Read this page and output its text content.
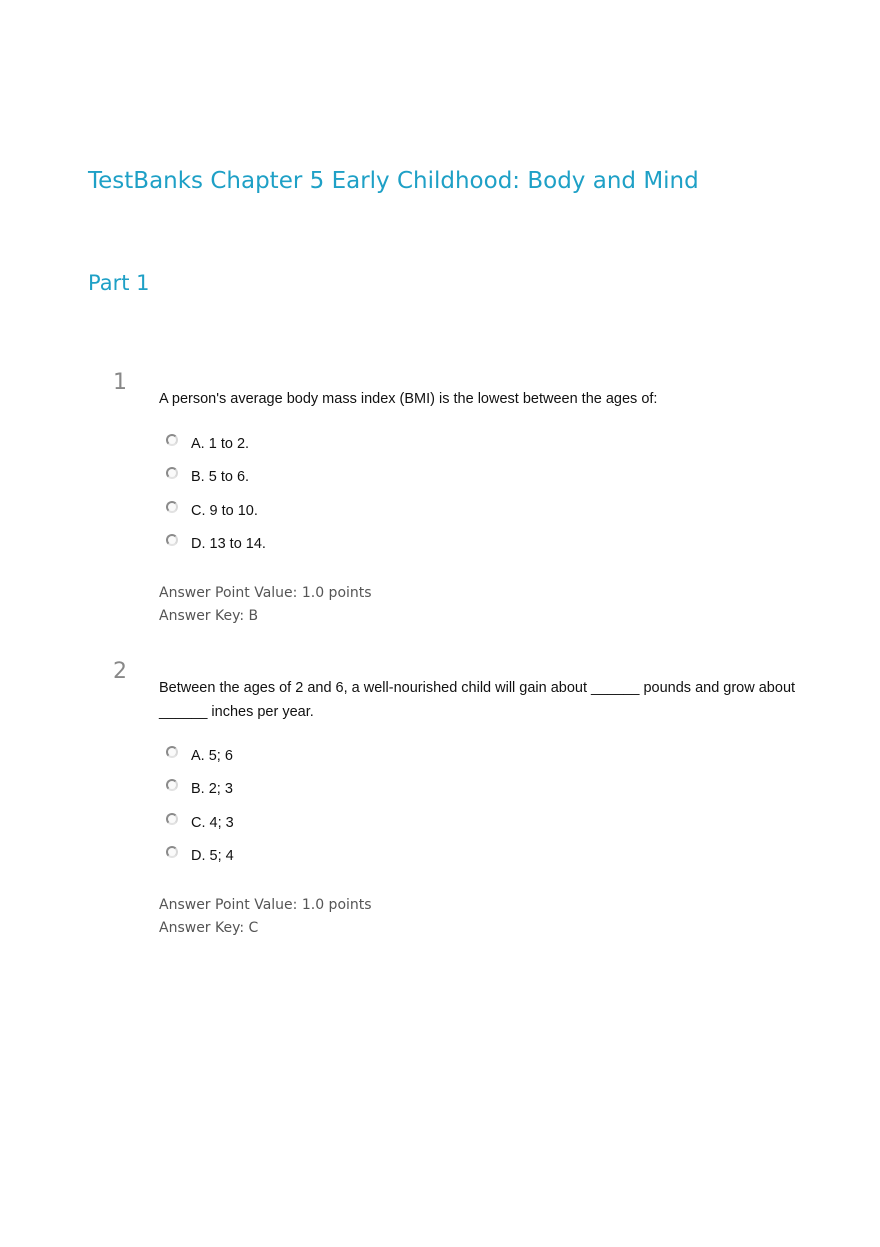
TestBanks Chapter 5 Early Childhood: Body and Mind
Part 1
1
A person's average body mass index (BMI) is the lowest between the ages of:
A. 1 to 2.
B. 5 to 6.
C. 9 to 10.
D. 13 to 14.
Answer Point Value: 1.0 points
Answer Key: B
2
Between the ages of 2 and 6, a well-nourished child will gain about ______ pounds and grow about ______ inches per year.
A. 5; 6
B. 2; 3
C. 4; 3
D. 5; 4
Answer Point Value: 1.0 points
Answer Key: C
